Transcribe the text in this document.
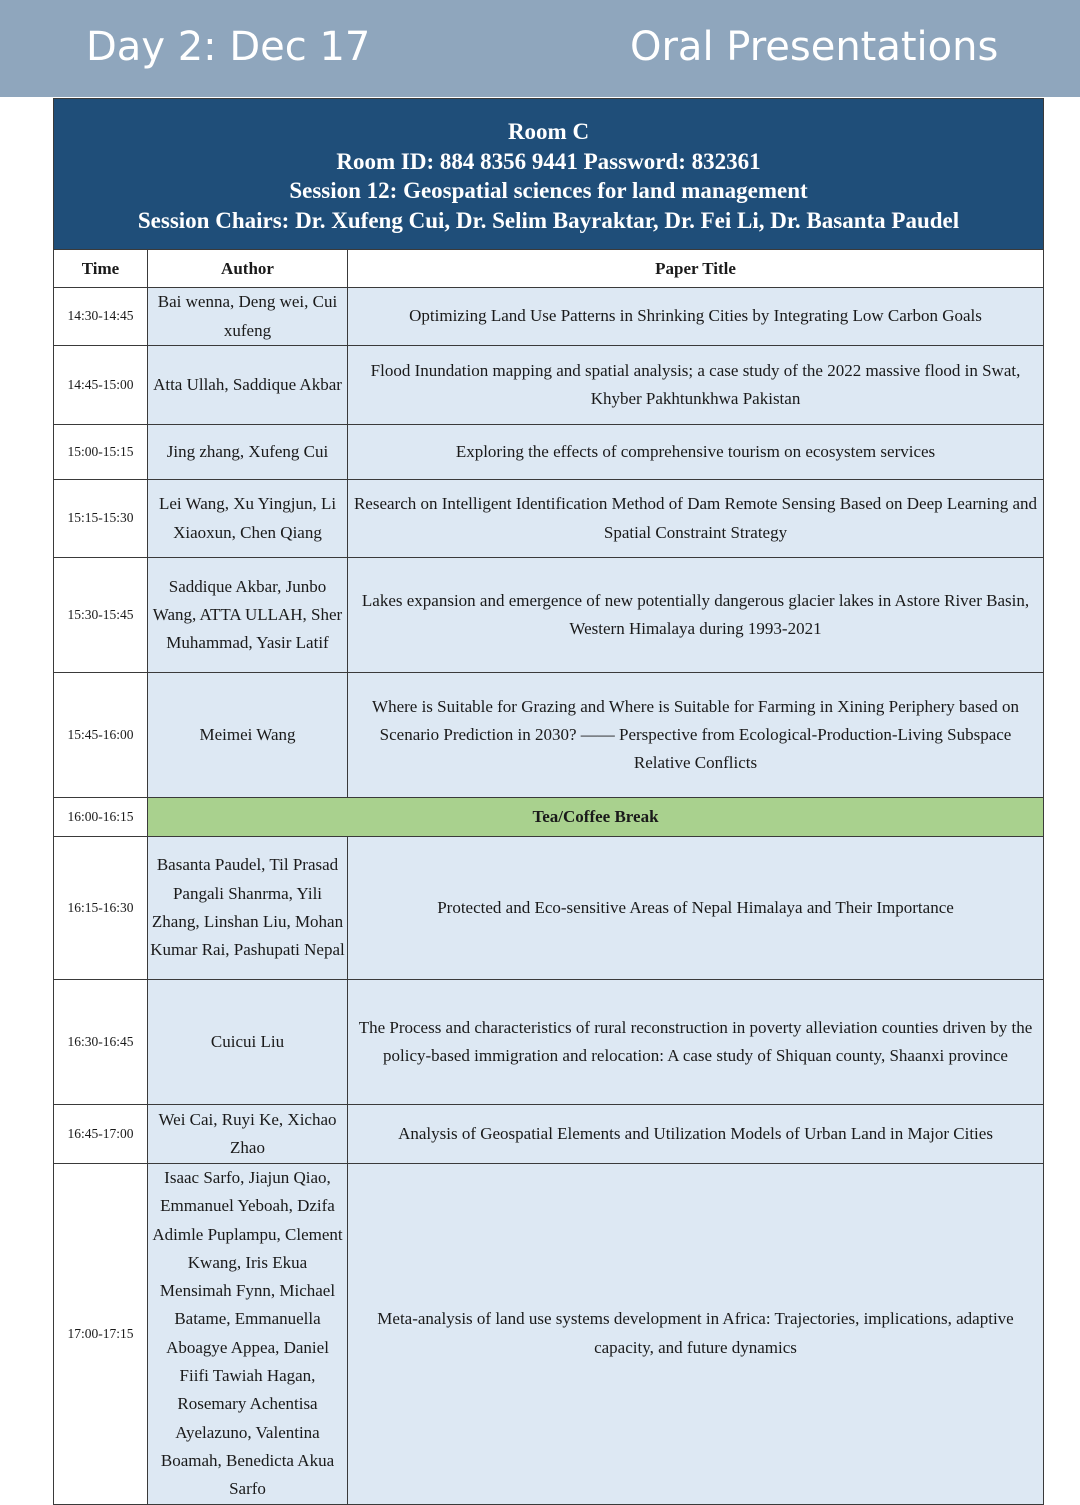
Day 2: Dec 17	Oral Presentations
Room C
Room ID: 884 8356 9441 Password: 832361
Session 12: Geospatial sciences for land management
Session Chairs: Dr. Xufeng Cui, Dr. Selim Bayraktar, Dr. Fei Li, Dr. Basanta Paudel		

Time	Author	Paper Title
14:30-14:45	Bai wenna, Deng wei, Cui xufeng	Optimizing Land Use Patterns in Shrinking Cities by Integrating Low Carbon Goals
14:45-15:00	Atta Ullah, Saddique Akbar	Flood Inundation mapping and spatial analysis; a case study of the 2022 massive flood in Swat, Khyber Pakhtunkhwa Pakistan
15:00-15:15	Jing zhang, Xufeng Cui	Exploring the effects of comprehensive tourism on ecosystem services
15:15-15:30	Lei Wang, Xu Yingjun, Li Xiaoxun, Chen Qiang	Research on Intelligent Identification Method of Dam Remote Sensing Based on Deep Learning and Spatial Constraint Strategy
15:30-15:45	Saddique Akbar, Junbo Wang, ATTA ULLAH, Sher Muhammad, Yasir Latif	Lakes expansion and emergence of new potentially dangerous glacier lakes in Astore River Basin, Western Himalaya during 1993-2021
15:45-16:00	Meimei Wang	Where is Suitable for Grazing and Where is Suitable for Farming in Xining Periphery based on Scenario Prediction in 2030? —— Perspective from Ecological-Production-Living Subspace Relative Conflicts
16:00-16:15	Tea/Coffee Break	
16:15-16:30	Basanta Paudel, Til Prasad Pangali Shanrma, Yili Zhang, Linshan Liu, Mohan Kumar Rai, Pashupati Nepal	Protected and Eco-sensitive Areas of Nepal Himalaya and Their Importance
16:30-16:45	Cuicui Liu	The Process and characteristics of rural reconstruction in poverty alleviation counties driven by the policy-based immigration and relocation: A case study of Shiquan county, Shaanxi province
16:45-17:00	Wei Cai, Ruyi Ke, Xichao Zhao	Analysis of Geospatial Elements and Utilization Models of Urban Land in Major Cities
17:00-17:15	Isaac Sarfo, Jiajun Qiao, Emmanuel Yeboah, Dzifa Adimle Puplampu, Clement Kwang, Iris Ekua Mensimah Fynn, Michael Batame, Emmanuella Aboagye Appea, Daniel Fiifi Tawiah Hagan, Rosemary Achentisa Ayelazuno, Valentina Boamah, Benedicta Akua Sarfo	Meta-analysis of land use systems development in Africa: Trajectories, implications, adaptive capacity, and future dynamics
